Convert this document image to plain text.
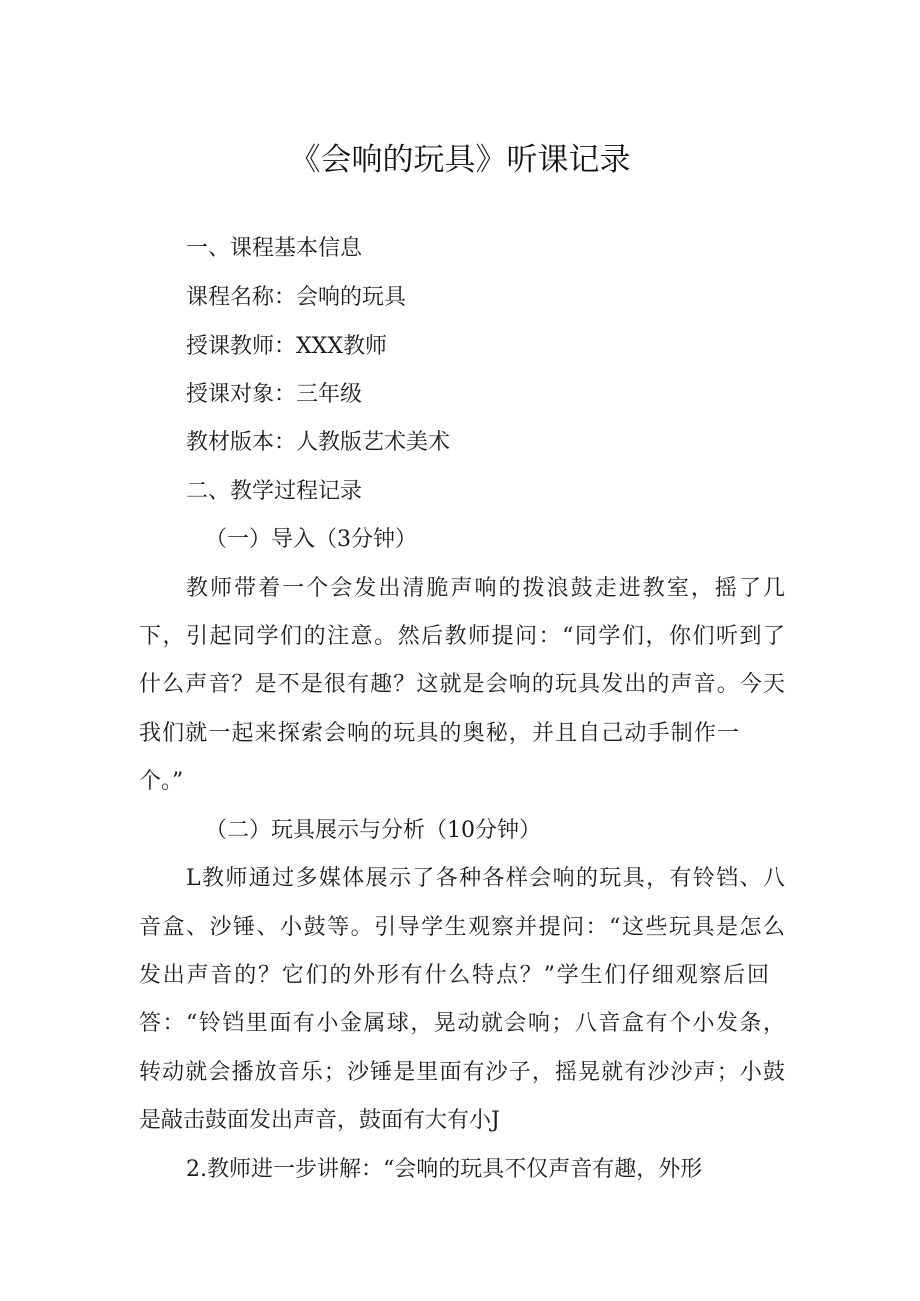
《会响的玩具》听课记录
一、课程基本信息
课程名称：会响的玩具
授课教师：XXX教师
授课对象：三年级
教材版本：人教版艺术美术
二、教学过程记录
（一）导入（3分钟）
教师带着一个会发出清脆声响的拨浪鼓走进教室，摇了几
下，引起同学们的注意。然后教师提问：“同学们，你们听到了
什么声音？是不是很有趣？这就是会响的玩具发出的声音。今天
我们就一起来探索会响的玩具的奥秘，并且自己动手制作一
个。”
（二）玩具展示与分析（10分钟）
L教师通过多媒体展示了各种各样会响的玩具，有铃铛、八
音盒、沙锤、小鼓等。引导学生观察并提问：“这些玩具是怎么
发出声音的？它们的外形有什么特点？”学生们仔细观察后回
答：“铃铛里面有小金属球，晃动就会响；八音盒有个小发条，
转动就会播放音乐；沙锤是里面有沙子，摇晃就有沙沙声；小鼓
是敲击鼓面发出声音，鼓面有大有小J
2.教师进一步讲解：“会响的玩具不仅声音有趣，外形
